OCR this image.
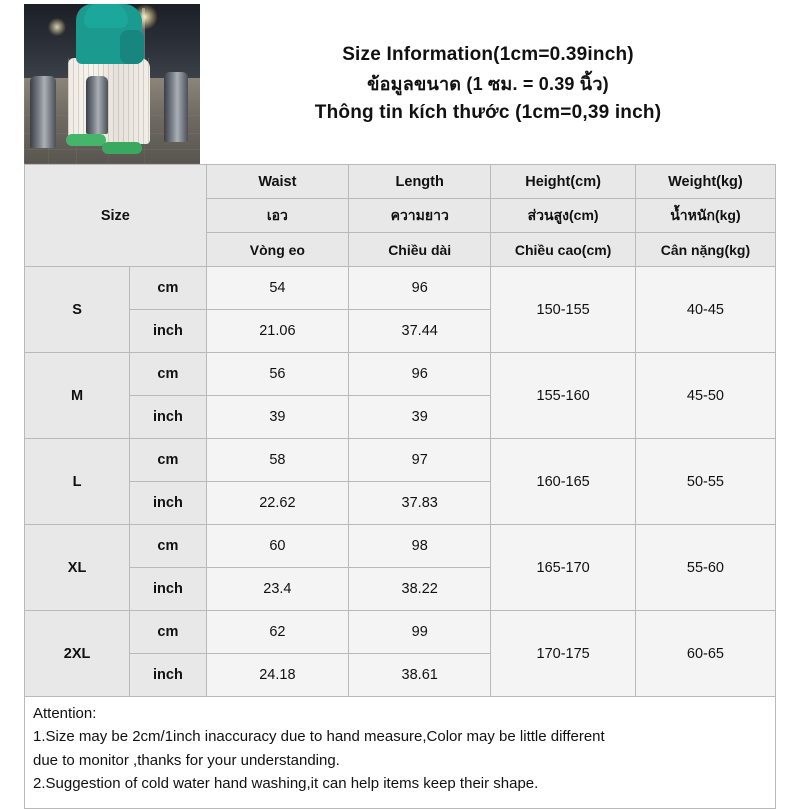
Size Information(1cm=0.39inch)
ข้อมูลขนาด (1 ซม. = 0.39 นิ้ว)
Thông tin kích thước (1cm=0,39 inch)
Size		Waist	Length	Height(cm)	Weight(kg)
		เอว	ความยาว	ส่วนสูง(cm)	น้ำหนัก(kg)
		Vòng eo	Chiều dài	Chiều cao(cm)	Cân nặng(kg)
S	cm	54	96	150-155	40-45
	inch	21.06	37.44		
M	cm	56	96	155-160	45-50
	inch	39	39		
L	cm	58	97	160-165	50-55
	inch	22.62	37.83		
XL	cm	60	98	165-170	55-60
	inch	23.4	38.22		
2XL	cm	62	99	170-175	60-65
	inch	24.18	38.61		

Attention:

1.Size may be 2cm/1inch inaccuracy due to hand measure,Color may be little different

due to monitor ,thanks for your understanding.

2.Suggestion of cold water hand washing,it can help items keep their shape.
